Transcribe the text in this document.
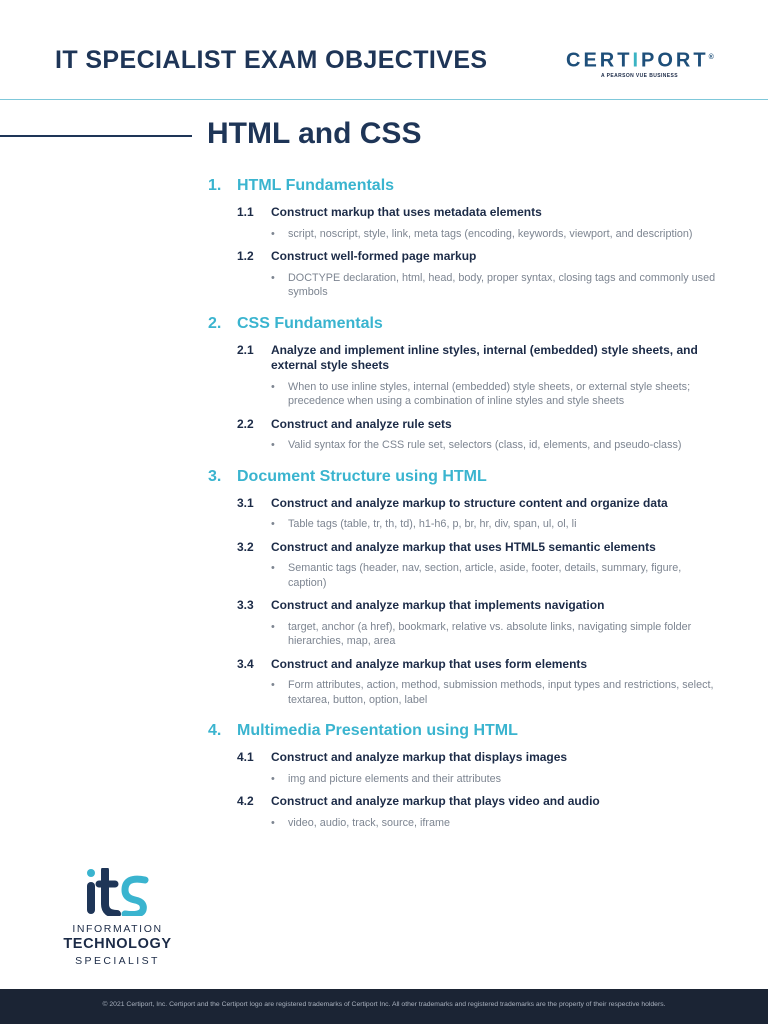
IT SPECIALIST EXAM OBJECTIVES	CERTIPORT®
A PEARSON VUE BUSINESS
HTML and CSS
1. HTML Fundamentals
1.1	Construct markup that uses metadata elements
•	script, noscript, style, link, meta tags (encoding, keywords, viewport, and description)
1.2	Construct well-formed page markup
•	DOCTYPE declaration, html, head, body, proper syntax, closing tags and commonly used symbols
2. CSS Fundamentals
2.1	Analyze and implement inline styles, internal (embedded) style sheets, and external style sheets
•	When to use inline styles, internal (embedded) style sheets, or external style sheets; precedence when using a combination of inline styles and style sheets
2.2	Construct and analyze rule sets
•	Valid syntax for the CSS rule set, selectors (class, id, elements, and pseudo-class)
3. Document Structure using HTML
3.1	Construct and analyze markup to structure content and organize data
•	Table tags (table, tr, th, td), h1-h6, p, br, hr, div, span, ul, ol, li
3.2	Construct and analyze markup that uses HTML5 semantic elements
•	Semantic tags (header, nav, section, article, aside, footer, details, summary, figure, caption)
3.3	Construct and analyze markup that implements navigation
•	target, anchor (a href), bookmark, relative vs. absolute links, navigating simple folder hierarchies, map, area
3.4	Construct and analyze markup that uses form elements
•	Form attributes, action, method, submission methods, input types and restrictions, select, textarea, button, option, label
4. Multimedia Presentation using HTML
4.1	Construct and analyze markup that displays images
•	img and picture elements and their attributes
4.2	Construct and analyze markup that plays video and audio
•	video, audio, track, source, iframe
INFORMATION
TECHNOLOGY
SPECIALIST
© 2021 Certiport, Inc. Certiport and the Certiport logo are registered trademarks of Certiport Inc. All other trademarks and registered trademarks are the property of their respective holders.
